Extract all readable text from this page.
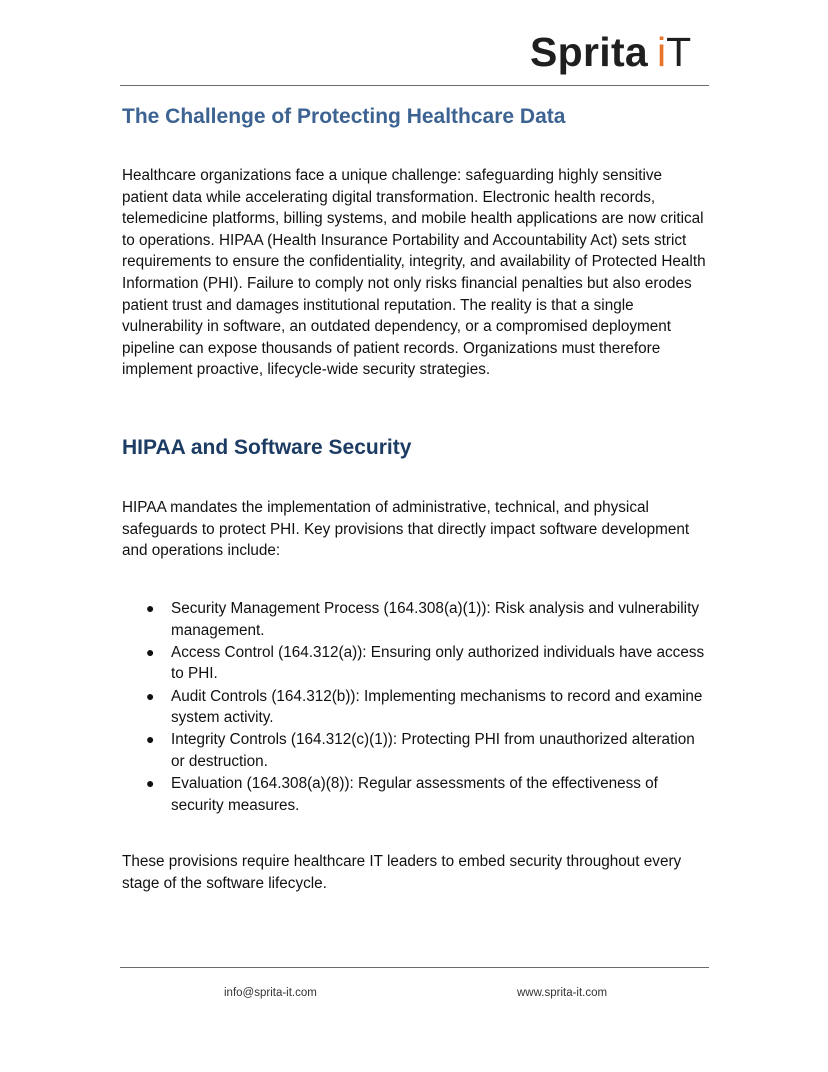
Sprita i T
The Challenge of Protecting Healthcare Data

Healthcare organizations face a unique challenge: safeguarding highly sensitive patient data while accelerating digital transformation. Electronic health records, telemedicine platforms, billing systems, and mobile health applications are now critical to operations. HIPAA (Health Insurance Portability and Accountability Act) sets strict requirements to ensure the confidentiality, integrity, and availability of Protected Health Information (PHI). Failure to comply not only risks financial penalties but also erodes patient trust and damages institutional reputation. The reality is that a single vulnerability in software, an outdated dependency, or a compromised deployment pipeline can expose thousands of patient records. Organizations must therefore implement proactive, lifecycle-wide security strategies.

HIPAA and Software Security

HIPAA mandates the implementation of administrative, technical, and physical safeguards to protect PHI. Key provisions that directly impact software development and operations include:

● Security Management Process (164.308(a)(1)): Risk analysis and vulnerability management.
● Access Control (164.312(a)): Ensuring only authorized individuals have access to PHI.
● Audit Controls (164.312(b)): Implementing mechanisms to record and examine system activity.
● Integrity Controls (164.312(c)(1)): Protecting PHI from unauthorized alteration or destruction.
● Evaluation (164.308(a)(8)): Regular assessments of the effectiveness of security measures.

These provisions require healthcare IT leaders to embed security throughout every stage of the software lifecycle.

info@sprita-it.com	www.sprita-it.com
